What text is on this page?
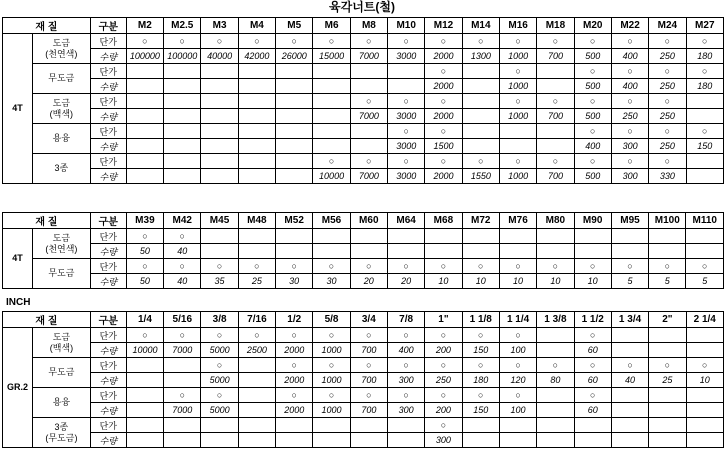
육각너트(철)
INCH
재 질		구분	M2	M2.5	M3	M4	M5	M6	M8	M10	M12	M14	M16	M18	M20	M22	M24	M27
4T	도금
(천연색)	단가	○	○	○	○	○	○	○	○	○	○	○	○	○	○	○	○
		수량	100000	100000	40000	42000	26000	15000	7000	3000	2000	1300	1000	700	500	400	250	180
	무도금	단가									○		○		○	○	○	○
		수량									2000		1000		500	400	250	180
	도금
(백색)	단가							○	○	○		○	○	○	○	○	
		수량							7000	3000	2000		1000	700	500	250	250	
	용융	단가								○	○				○	○	○	○
		수량								3000	1500				400	300	250	150
	3종	단가						○	○	○	○	○	○	○	○	○	○	
		수량						10000	7000	3000	2000	1550	1000	700	500	300	330	
재 질		구분	M39	M42	M45	M48	M52	M56	M60	M64	M68	M72	M76	M80	M90	M95	M100	M110
4T	도금
(천연색)	단가	○	○														
		수량	50	40														
	무도금	단가	○	○	○	○	○	○	○	○	○	○	○	○	○	○	○	○
		수량	50	40	35	25	30	30	20	20	10	10	10	10	10	5	5	5
재 질		구분	1/4	5/16	3/8	7/16	1/2	5/8	3/4	7/8	1"	1 1/8	1 1/4	1 3/8	1 1/2	1 3/4	2"	2 1/4
GR.2	도금
(백색)	단가	○	○	○	○	○	○	○	○	○	○	○		○			
		수량	10000	7000	5000	2500	2000	1000	700	400	200	150	100		60			
	무도금	단가			○		○	○	○	○	○	○	○	○	○	○	○	○
		수량			5000		2000	1000	700	300	250	180	120	80	60	40	25	10
	용융	단가		○	○		○	○	○	○	○	○	○		○			
		수량		7000	5000		2000	1000	700	300	200	150	100		60			
	3종
(무도금)	단가									○							
		수량									300							
